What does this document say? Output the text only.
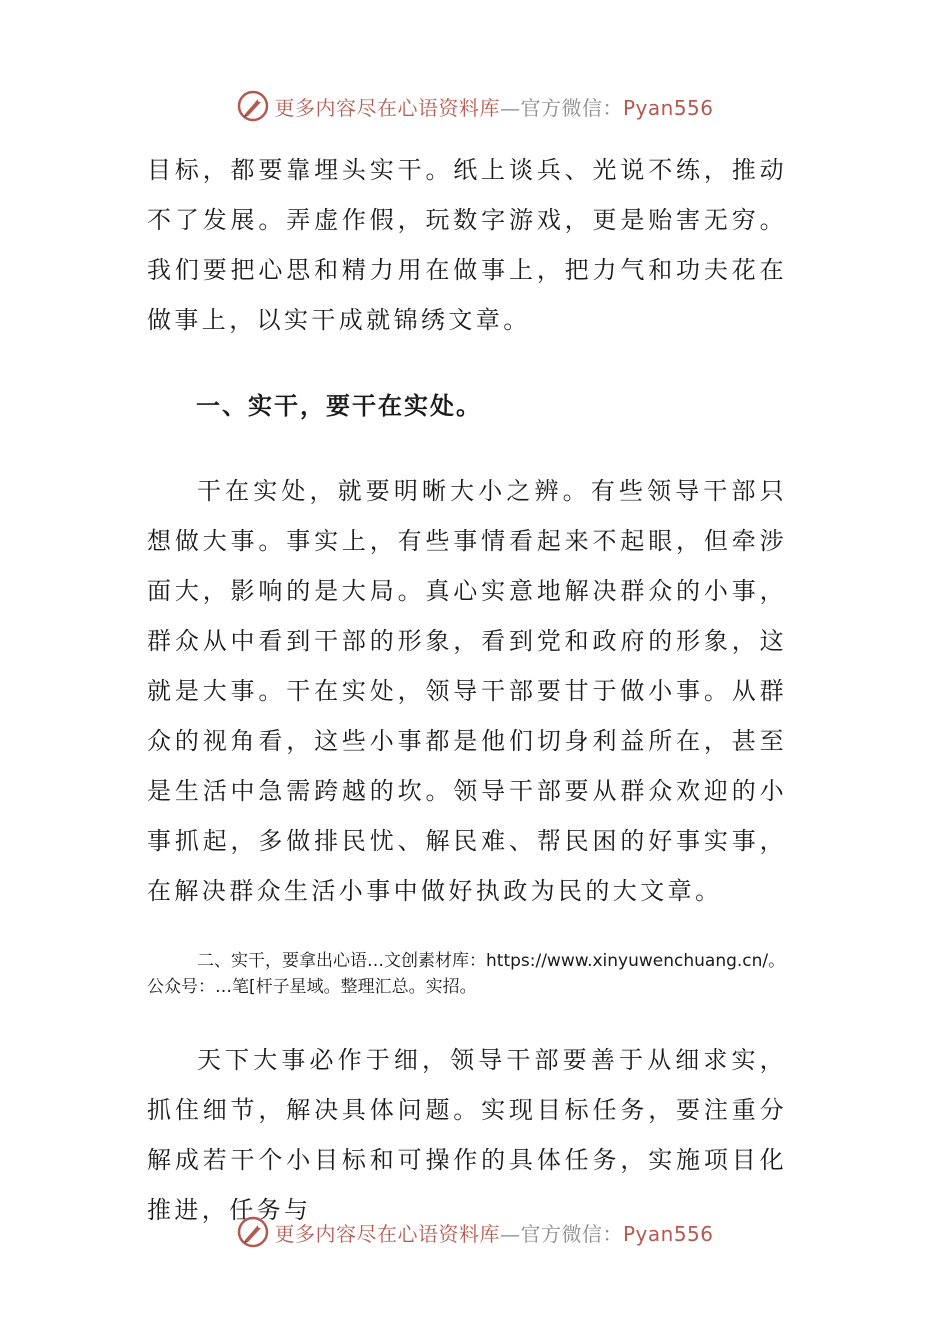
更多内容尽在心语资料库—官方微信：Pyan556

目标，都要靠埋头实干。纸上谈兵、光说不练，推动不了发展。弄虚作假，玩数字游戏，更是贻害无穷。我们要把心思和精力用在做事上，把力气和功夫花在做事上，以实干成就锦绣文章。

一、实干，要干在实处。

干在实处，就要明晰大小之辨。有些领导干部只想做大事。事实上，有些事情看起来不起眼，但牵涉面大，影响的是大局。真心实意地解决群众的小事，群众从中看到干部的形象，看到党和政府的形象，这就是大事。干在实处，领导干部要甘于做小事。从群众的视角看，这些小事都是他们切身利益所在，甚至是生活中急需跨越的坎。领导干部要从群众欢迎的小事抓起，多做排民忧、解民难、帮民困的好事实事，在解决群众生活小事中做好执政为民的大文章。

二、实干，要拿出心语…文创素材库：https://www.xinyuwenchuang.cn/。公众号：…笔[杆子星域。整理汇总。实招。

天下大事必作于细，领导干部要善于从细求实，抓住细节，解决具体问题。实现目标任务，要注重分解成若干个小目标和可操作的具体任务，实施项目化推进，任务与

更多内容尽在心语资料库—官方微信：Pyan556
